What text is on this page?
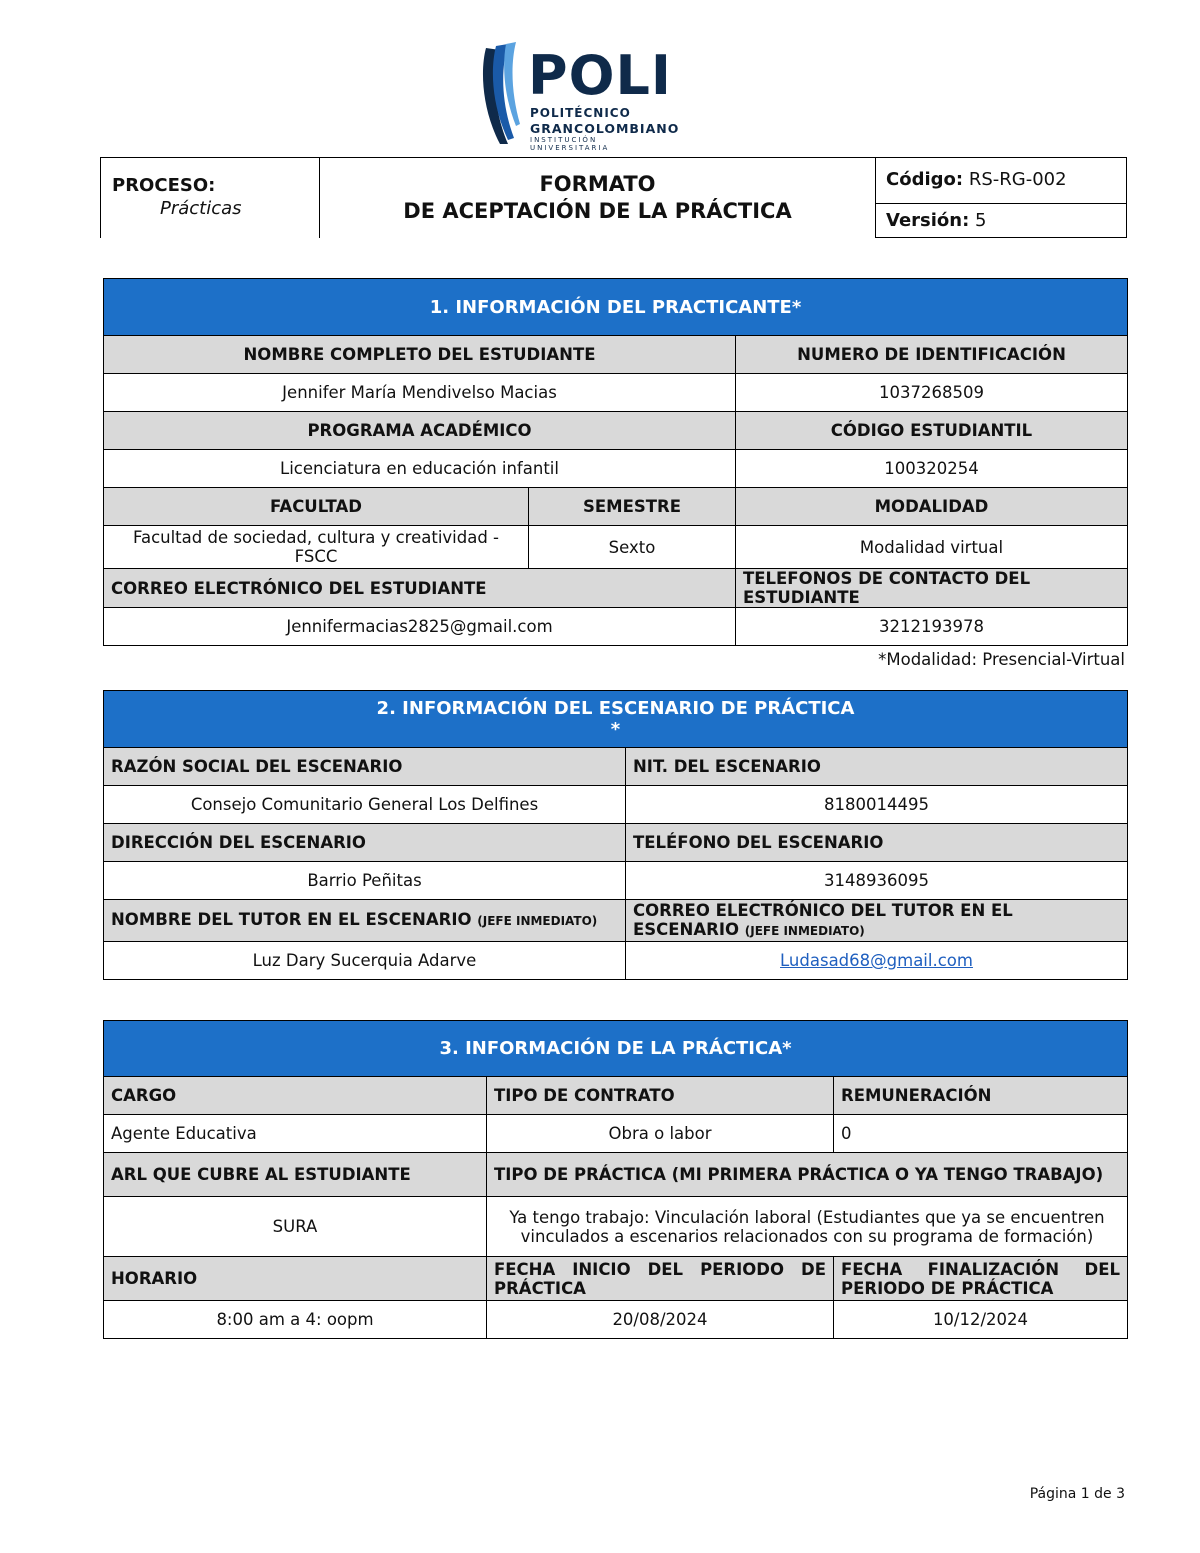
POLI
POLITÉCNICO
GRANCOLOMBIANO
INSTITUCIÓN UNIVERSITARIA
PROCESO:
Prácticas
FORMATO
DE ACEPTACIÓN DE LA PRÁCTICA
Código: RS-RG-002
Versión: 5
1. INFORMACIÓN DEL PRACTICANTE*		
NOMBRE COMPLETO DEL ESTUDIANTE		NUMERO DE IDENTIFICACIÓN
Jennifer María Mendivelso Macias		1037268509
PROGRAMA ACADÉMICO		CÓDIGO ESTUDIANTIL
Licenciatura en educación infantil		100320254
FACULTAD	SEMESTRE	MODALIDAD
Facultad de sociedad, cultura y creatividad - FSCC	Sexto	Modalidad virtual
CORREO ELECTRÓNICO DEL ESTUDIANTE		TELEFONOS DE CONTACTO DEL ESTUDIANTE
Jennifermacias2825@gmail.com		3212193978
*Modalidad: Presencial-Virtual
2. INFORMACIÓN DEL ESCENARIO DE PRÁCTICA
*	

RAZÓN SOCIAL DEL ESCENARIO	NIT. DEL ESCENARIO
Consejo Comunitario General Los Delfines	8180014495
DIRECCIÓN DEL ESCENARIO	TELÉFONO DEL ESCENARIO
Barrio Peñitas	3148936095
NOMBRE DEL TUTOR EN EL ESCENARIO (JEFE INMEDIATO)	CORREO ELECTRÓNICO DEL TUTOR EN EL ESCENARIO (JEFE INMEDIATO)
Luz Dary Sucerquia Adarve	Ludasad68@gmail.com
3. INFORMACIÓN DE LA PRÁCTICA*		
CARGO	TIPO DE CONTRATO	REMUNERACIÓN
Agente Educativa	Obra o labor	0
ARL QUE CUBRE AL ESTUDIANTE	TIPO DE PRÁCTICA (MI PRIMERA PRÁCTICA O YA TENGO TRABAJO)	
SURA	Ya tengo trabajo: Vinculación laboral (Estudiantes que ya se encuentren vinculados a escenarios relacionados con su programa de formación)	
HORARIO	FECHA INICIO DEL PERIODO DE PRÁCTICA	FECHA FINALIZACIÓN DEL PERIODO DE PRÁCTICA
8:00 am a 4: oopm	20/08/2024	10/12/2024
Página 1 de 3
